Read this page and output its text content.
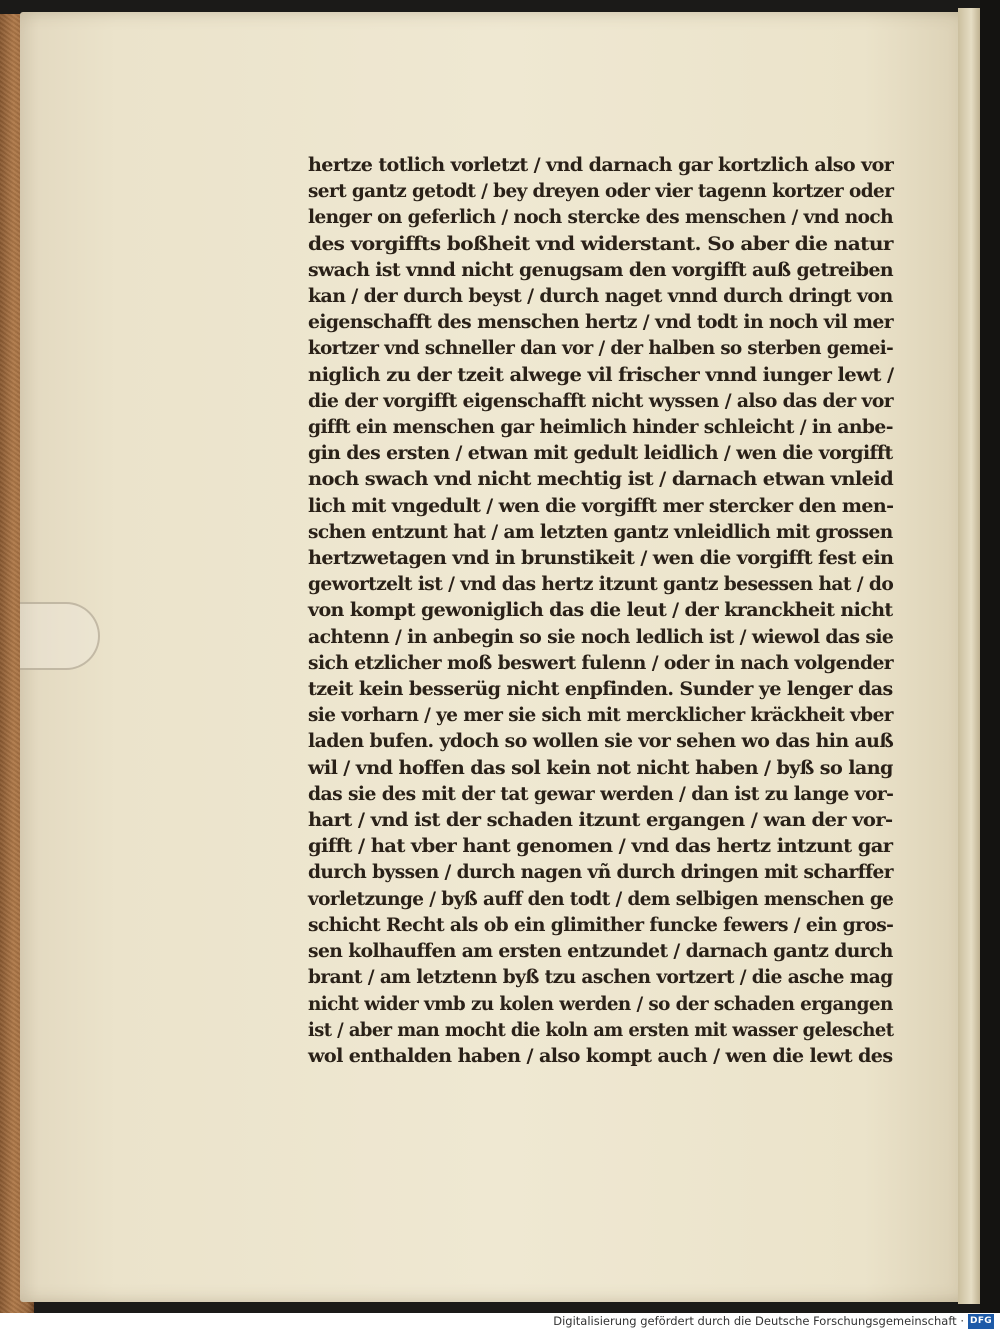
hertze totlich vorletzt / vnd darnach gar kortzlich also vor
sert gantz getodt / bey dreyen oder vier tagenn kortzer oder
lenger on geferlich / noch stercke des menschen / vnd noch
des vorgiffts boßheit vnd widerstant. So aber die natur
swach ist vnnd nicht genugsam den vorgifft auß getreiben
kan / der durch beyst / durch naget vnnd durch dringt von
eigenschafft des menschen hertz / vnd todt in noch vil mer
kortzer vnd schneller dan vor / der halben so sterben gemei-
niglich zu der tzeit alwege vil frischer vnnd iunger lewt /
die der vorgifft eigenschafft nicht wyssen / also das der vor
gifft ein menschen gar heimlich hinder schleicht / in anbe-
gin des ersten / etwan mit gedult leidlich / wen die vorgifft
noch swach vnd nicht mechtig ist / darnach etwan vnleid
lich mit vngedult / wen die vorgifft mer stercker den men-
schen entzunt hat / am letzten gantz vnleidlich mit grossen
hertzwetagen vnd in brunstikeit / wen die vorgifft fest ein
gewortzelt ist / vnd das hertz itzunt gantz besessen hat / do
von kompt gewoniglich das die leut / der kranckheit nicht
achtenn / in anbegin so sie noch ledlich ist / wiewol das sie
sich etzlicher moß beswert fulenn / oder in nach volgender
tzeit kein besserüg nicht enpfinden. Sunder ye lenger das
sie vorharn / ye mer sie sich mit mercklicher kräckheit vber
laden bufen. ydoch so wollen sie vor sehen wo das hin auß
wil / vnd hoffen das sol kein not nicht haben / byß so lang
das sie des mit der tat gewar werden / dan ist zu lange vor-
hart / vnd ist der schaden itzunt ergangen / wan der vor-
gifft / hat vber hant genomen / vnd das hertz intzunt gar
durch byssen / durch nagen vñ durch dringen mit scharffer
vorletzunge / byß auff den todt / dem selbigen menschen ge
schicht Recht als ob ein glimither funcke fewers / ein gros-
sen kolhauffen am ersten entzundet / darnach gantz durch
brant / am letztenn byß tzu aschen vortzert / die asche mag
nicht wider vmb zu kolen werden / so der schaden ergangen
ist / aber man mocht die koln am ersten mit wasser geleschet
wol enthalden haben / also kompt auch / wen die lewt des
Digitalisierung gefördert durch die Deutsche Forschungsgemeinschaft · DFG
